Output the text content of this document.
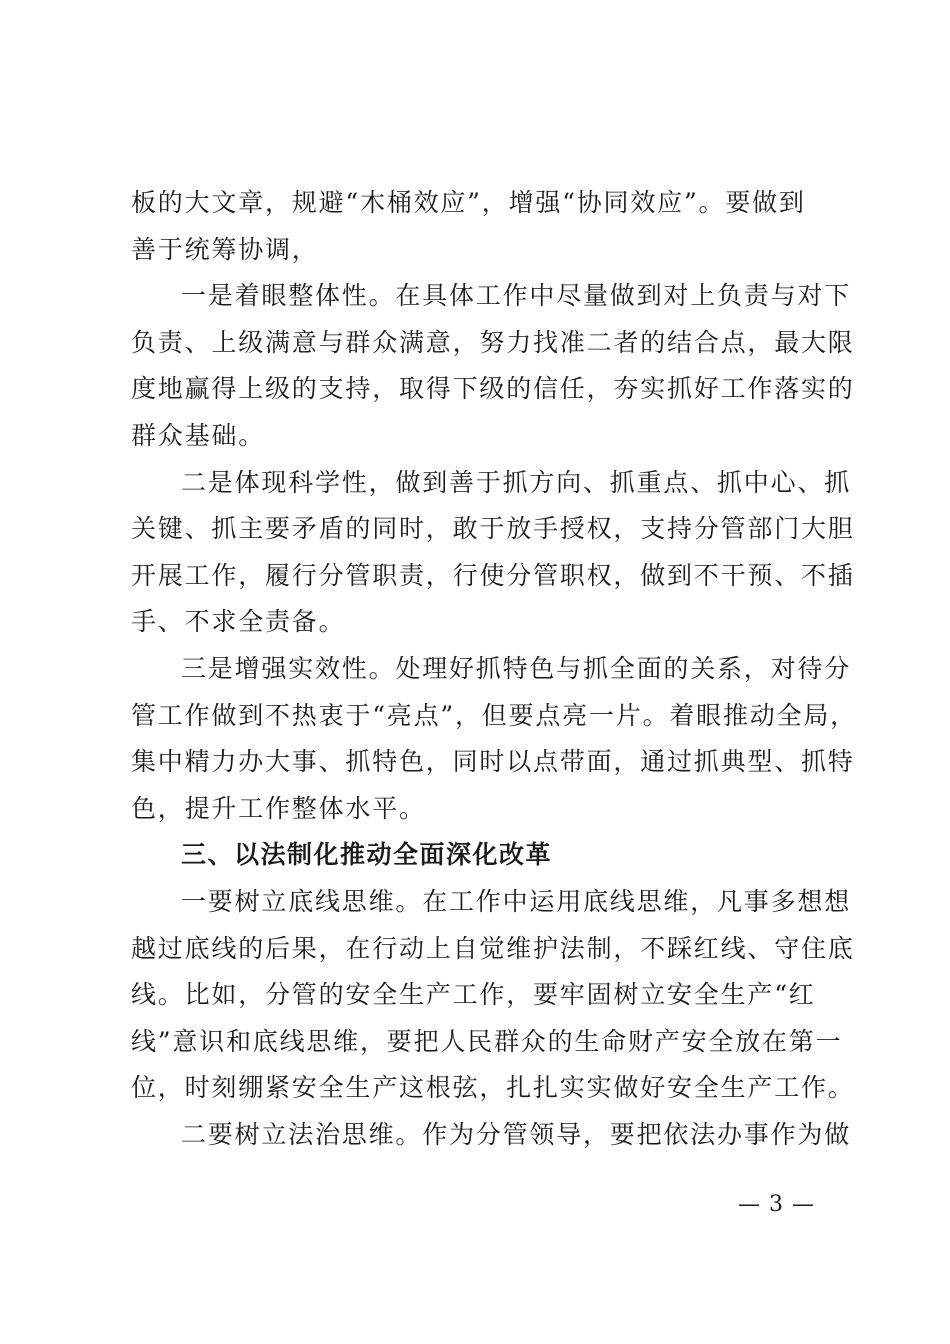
板的大文章，规避“木桶效应”，增强“协同效应”。要做到
善于统筹协调，
一是着眼整体性。在具体工作中尽量做到对上负责与对下
负责、上级满意与群众满意，努力找准二者的结合点，最大限
度地赢得上级的支持，取得下级的信任，夯实抓好工作落实的
群众基础。
二是体现科学性，做到善于抓方向、抓重点、抓中心、抓
关键、抓主要矛盾的同时，敢于放手授权，支持分管部门大胆
开展工作，履行分管职责，行使分管职权，做到不干预、不插
手、不求全责备。
三是增强实效性。处理好抓特色与抓全面的关系，对待分
管工作做到不热衷于“亮点”，但要点亮一片。着眼推动全局，
集中精力办大事、抓特色，同时以点带面，通过抓典型、抓特
色，提升工作整体水平。
三、以法制化推动全面深化改革
一要树立底线思维。在工作中运用底线思维，凡事多想想
越过底线的后果，在行动上自觉维护法制，不踩红线、守住底
线。比如，分管的安全生产工作，要牢固树立安全生产“红
线”意识和底线思维，要把人民群众的生命财产安全放在第一
位，时刻绷紧安全生产这根弦，扎扎实实做好安全生产工作。
二要树立法治思维。作为分管领导，要把依法办事作为做
— 3 —
